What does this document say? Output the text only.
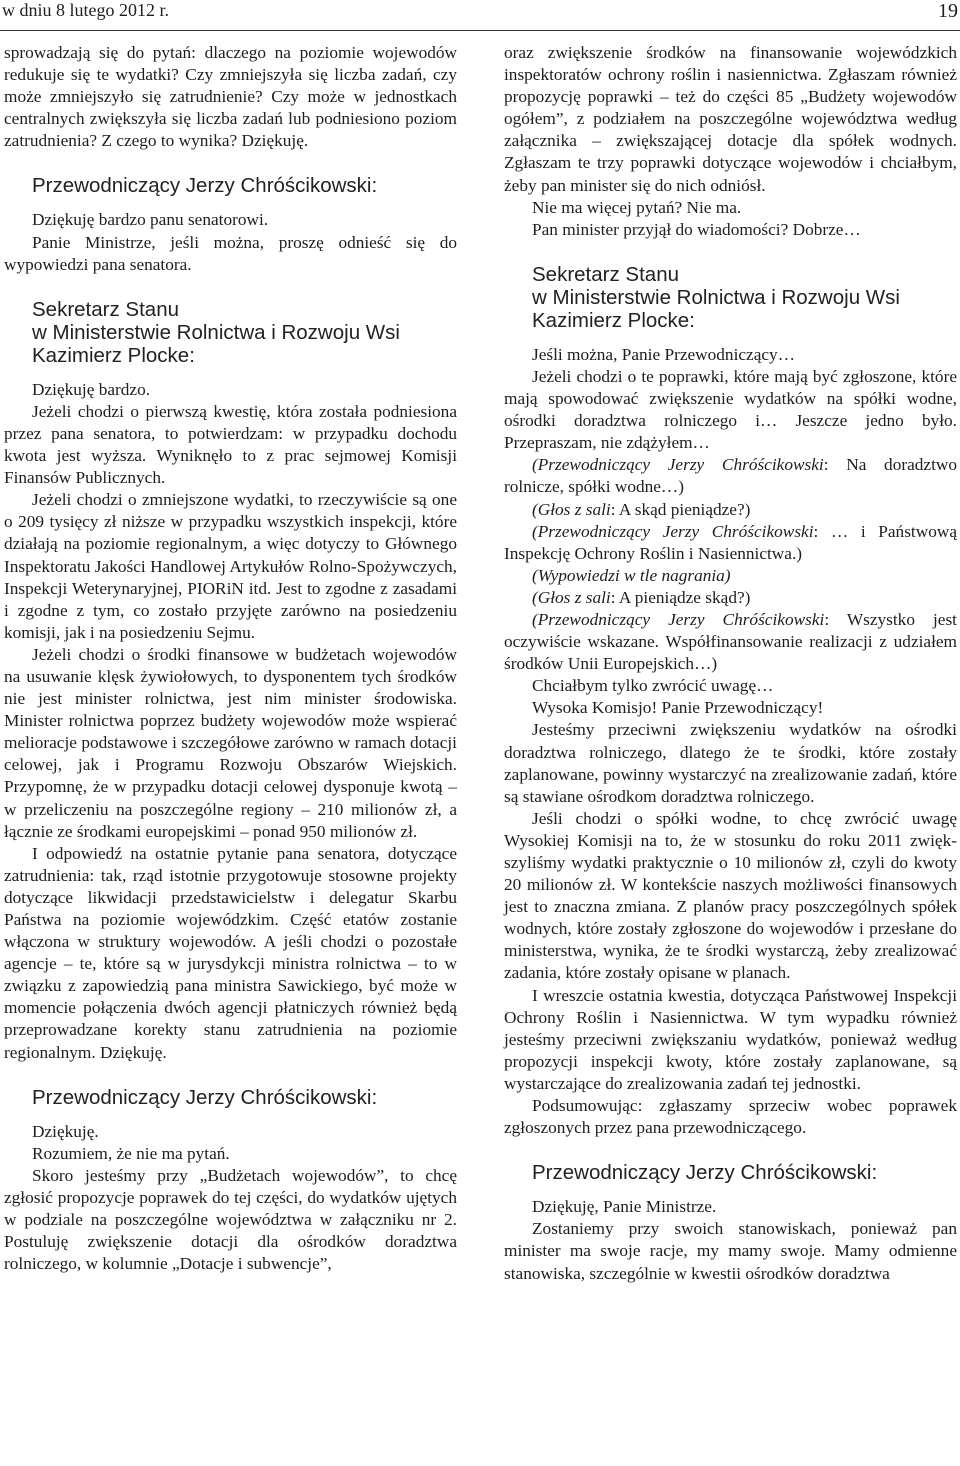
w dniu 8 lutego 2012 r.	19

sprowadzają się do pytań: dlaczego na poziomie wojewodów redukuje się te wydatki? Czy zmniejszyła się liczba zadań, czy może zmniejszyło się zatrudnienie? Czy może w jednostkach centralnych zwiększyła się liczba zadań lub podniesiono poziom zatrudnienia? Z czego to wynika? Dziękuję.

Przewodniczący Jerzy Chróścikowski:

Dziękuję bardzo panu senatorowi.

Panie Ministrze, jeśli można, proszę odnieść się do wypowiedzi pana senatora.

Sekretarz Stanu
w Ministerstwie Rolnictwa i Rozwoju Wsi
Kazimierz Plocke:

Dziękuję bardzo.

Jeżeli chodzi o pierwszą kwestię, która została podniesiona przez pana senatora, to potwierdzam: w przypadku dochodu kwota jest wyższa. Wyniknęło to z prac sejmowej Komisji Finansów Publicznych.

Jeżeli chodzi o zmniejszone wydatki, to rzeczywiście są one o 209 tysięcy zł niższe w przypadku wszystkich inspekcji, które działają na poziomie regionalnym, a więc dotyczy to Głównego Inspektoratu Jakości Handlowej Artykułów Rolno-Spożywczych, Inspekcji Weterynaryjnej, PIORiN itd. Jest to zgodne z zasadami i zgodne z tym, co zostało przyjęte zarówno na posiedzeniu komisji, jak i na posiedzeniu Sejmu.

Jeżeli chodzi o środki finansowe w budżetach wojewodów na usuwanie klęsk żywiołowych, to dysponentem tych środków nie jest minister rolnictwa, jest nim minister środowiska. Minister rolnictwa poprzez budżety wojewodów może wspierać melioracje podstawowe i szczegółowe zarówno w ramach dotacji celowej, jak i Programu Rozwoju Obszarów Wiejskich. Przypomnę, że w przypadku dotacji celowej dysponuje kwotą – w przeliczeniu na poszczególne regiony – 210 milionów zł, a łącznie ze środkami europejskimi – ponad 950 milionów zł.

I odpowiedź na ostatnie pytanie pana senatora, dotyczące zatrudnienia: tak, rząd istotnie przygotowuje stosowne projekty dotyczące likwidacji przedstawicielstw i delegatur Skarbu Państwa na poziomie wojewódzkim. Część etatów zostanie włączona w struktury wojewodów. A jeśli chodzi o pozostałe agencje – te, które są w jurysdykcji ministra rolnictwa – to w związku z zapowiedzią pana ministra Sawickiego, być może w momencie połączenia dwóch agencji płatniczych również będą przeprowadzane korekty stanu zatrudnienia na poziomie regionalnym. Dziękuję.

Przewodniczący Jerzy Chróścikowski:

Dziękuję.

Rozumiem, że nie ma pytań.

Skoro jesteśmy przy „Budżetach wojewodów”, to chcę zgłosić propozycje poprawek do tej części, do wydatków ujętych w podziale na poszczególne województwa w załączniku nr 2. Postuluję zwiększenie dotacji dla ośrodków doradztwa rolniczego, w kolumnie „Dotacje i subwencje”,

oraz zwiększenie środków na finansowanie wojewódzkich inspektoratów ochrony roślin i nasiennictwa. Zgłaszam również propozycję poprawki – też do części 85 „Budżety wojewodów ogółem”, z podziałem na poszczególne województwa według załącznika – zwiększającej dotacje dla spółek wodnych. Zgłaszam te trzy poprawki dotyczące wojewodów i chciałbym, żeby pan minister się do nich odniósł.

Nie ma więcej pytań? Nie ma.

Pan minister przyjął do wiadomości? Dobrze…

Sekretarz Stanu
w Ministerstwie Rolnictwa i Rozwoju Wsi
Kazimierz Plocke:

Jeśli można, Panie Przewodniczący…

Jeżeli chodzi o te poprawki, które mają być zgłoszone, które mają spowodować zwiększenie wydatków na spółki wodne, ośrodki doradztwa rolniczego i… Jeszcze jedno było. Przepraszam, nie zdążyłem…

(Przewodniczący Jerzy Chróścikowski: Na doradztwo rolnicze, spółki wodne…)

(Głos z sali: A skąd pieniądze?)

(Przewodniczący Jerzy Chróścikowski: … i Państwową Inspekcję Ochrony Roślin i Nasiennictwa.)

(Wypowiedzi w tle nagrania)

(Głos z sali: A pieniądze skąd?)

(Przewodniczący Jerzy Chróścikowski: Wszystko jest oczywiście wskazane. Współfinansowanie realizacji z udziałem środków Unii Europejskich…)

Chciałbym tylko zwrócić uwagę…

Wysoka Komisjo! Panie Przewodniczący!

Jesteśmy przeciwni zwiększeniu wydatków na ośrodki doradztwa rolniczego, dlatego że te środki, które zostały zaplanowane, powinny wystarczyć na zrealizowanie zadań, które są stawiane ośrodkom doradztwa rolniczego.

Jeśli chodzi o spółki wodne, to chcę zwrócić uwagę Wysokiej Komisji na to, że w stosunku do roku 2011 zwiększyliśmy wydatki praktycznie o 10 milionów zł, czyli do kwoty 20 milionów zł. W kontekście naszych możliwości finansowych jest to znaczna zmiana. Z planów pracy poszczególnych spółek wodnych, które zostały zgłoszone do wojewodów i przesłane do ministerstwa, wynika, że te środki wystarczą, żeby zrealizować zadania, które zostały opisane w planach.

I wreszcie ostatnia kwestia, dotycząca Państwowej Inspekcji Ochrony Roślin i Nasiennictwa. W tym wypadku również jesteśmy przeciwni zwiększaniu wydatków, ponieważ według propozycji inspekcji kwoty, które zostały zaplanowane, są wystarczające do zrealizowania zadań tej jednostki.

Podsumowując: zgłaszamy sprzeciw wobec poprawek zgłoszonych przez pana przewodniczącego.

Przewodniczący Jerzy Chróścikowski:

Dziękuję, Panie Ministrze.

Zostaniemy przy swoich stanowiskach, ponieważ pan minister ma swoje racje, my mamy swoje. Mamy odmienne stanowiska, szczególnie w kwestii ośrodków doradztwa
